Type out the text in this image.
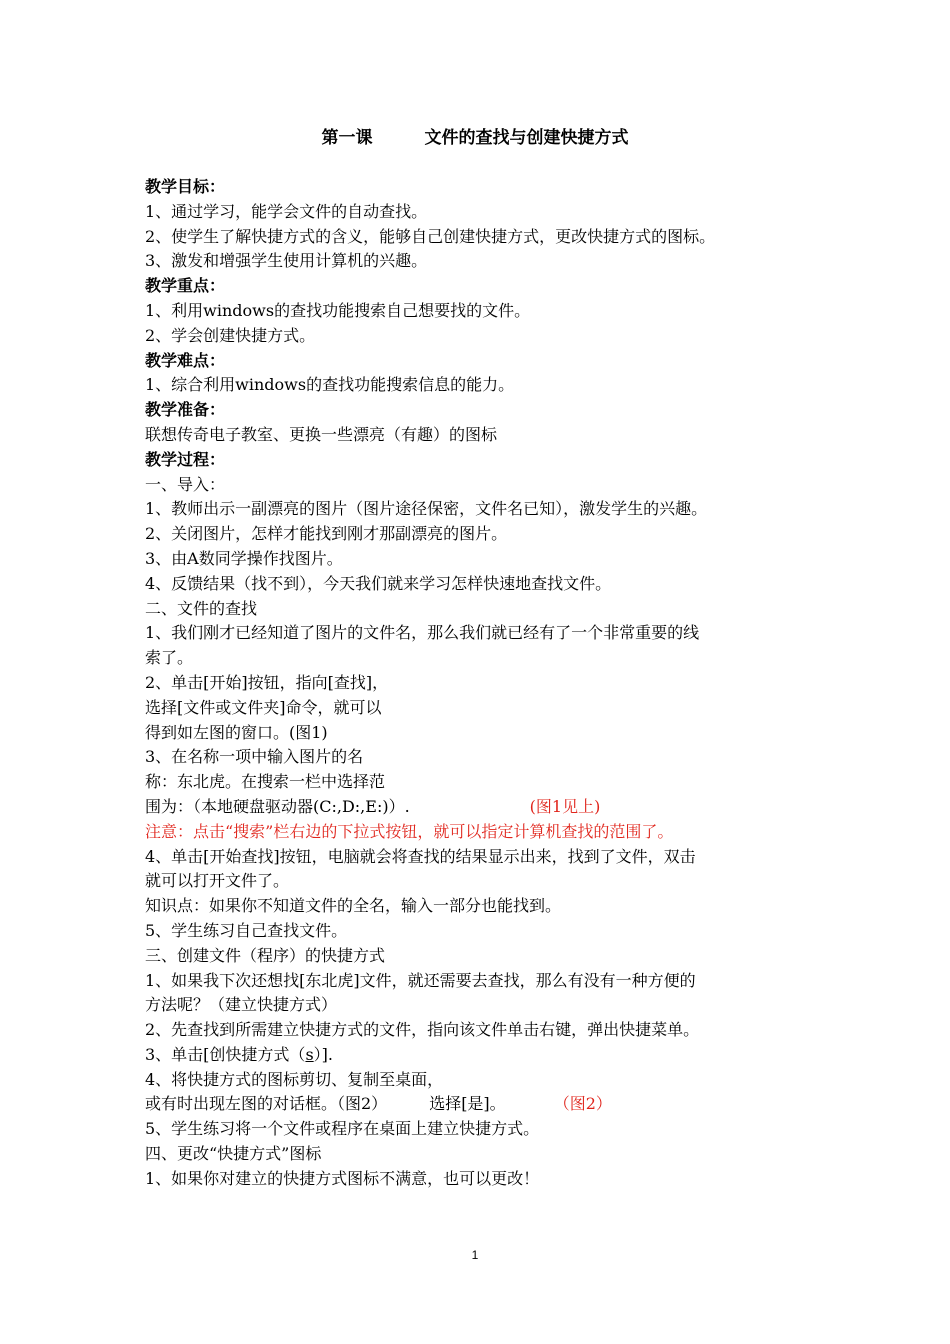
第一课	文件的查找与创建快捷方式
教学目标：
1、通过学习，能学会文件的自动查找。
2、使学生了解快捷方式的含义，能够自己创建快捷方式，更改快捷方式的图标。
3、激发和增强学生使用计算机的兴趣。
教学重点：
1、利用windows的查找功能搜索自己想要找的文件。
2、学会创建快捷方式。
教学难点：
1、综合利用windows的查找功能搜索信息的能力。
教学准备：
联想传奇电子教室、更换一些漂亮（有趣）的图标
教学过程：
一、导入：
1、教师出示一副漂亮的图片（图片途径保密，文件名已知），激发学生的兴趣。
2、关闭图片，怎样才能找到刚才那副漂亮的图片。
3、由A数同学操作找图片。
4、反馈结果（找不到），今天我们就来学习怎样快速地查找文件。
二、文件的查找
1、我们刚才已经知道了图片的文件名，那么我们就已经有了一个非常重要的线
索了。
2、单击[开始]按钮，指向[查找]，
选择[文件或文件夹]命令，就可以
得到如左图的窗口。(图1)
3、在名称一项中输入图片的名
称：东北虎。在搜索一栏中选择范
围为：（本地硬盘驱动器(C:,D:,E:)）.	(图1见上)
注意：点击“搜索”栏右边的下拉式按钮，就可以指定计算机查找的范围了。
4、单击[开始查找]按钮，电脑就会将查找的结果显示出来，找到了文件，双击
就可以打开文件了。
知识点：如果你不知道文件的全名，输入一部分也能找到。
5、学生练习自己查找文件。
三、创建文件（程序）的快捷方式
1、如果我下次还想找[东北虎]文件，就还需要去查找，那么有没有一种方便的
方法呢？（建立快捷方式）
2、先查找到所需建立快捷方式的文件，指向该文件单击右键，弹出快捷菜单。
3、单击[创快捷方式（s）].
4、将快捷方式的图标剪切、复制至桌面，
或有时出现左图的对话框。（图2）	选择[是]。	（图2）
5、学生练习将一个文件或程序在桌面上建立快捷方式。
四、更改“快捷方式”图标
1、如果你对建立的快捷方式图标不满意，也可以更改！
1
